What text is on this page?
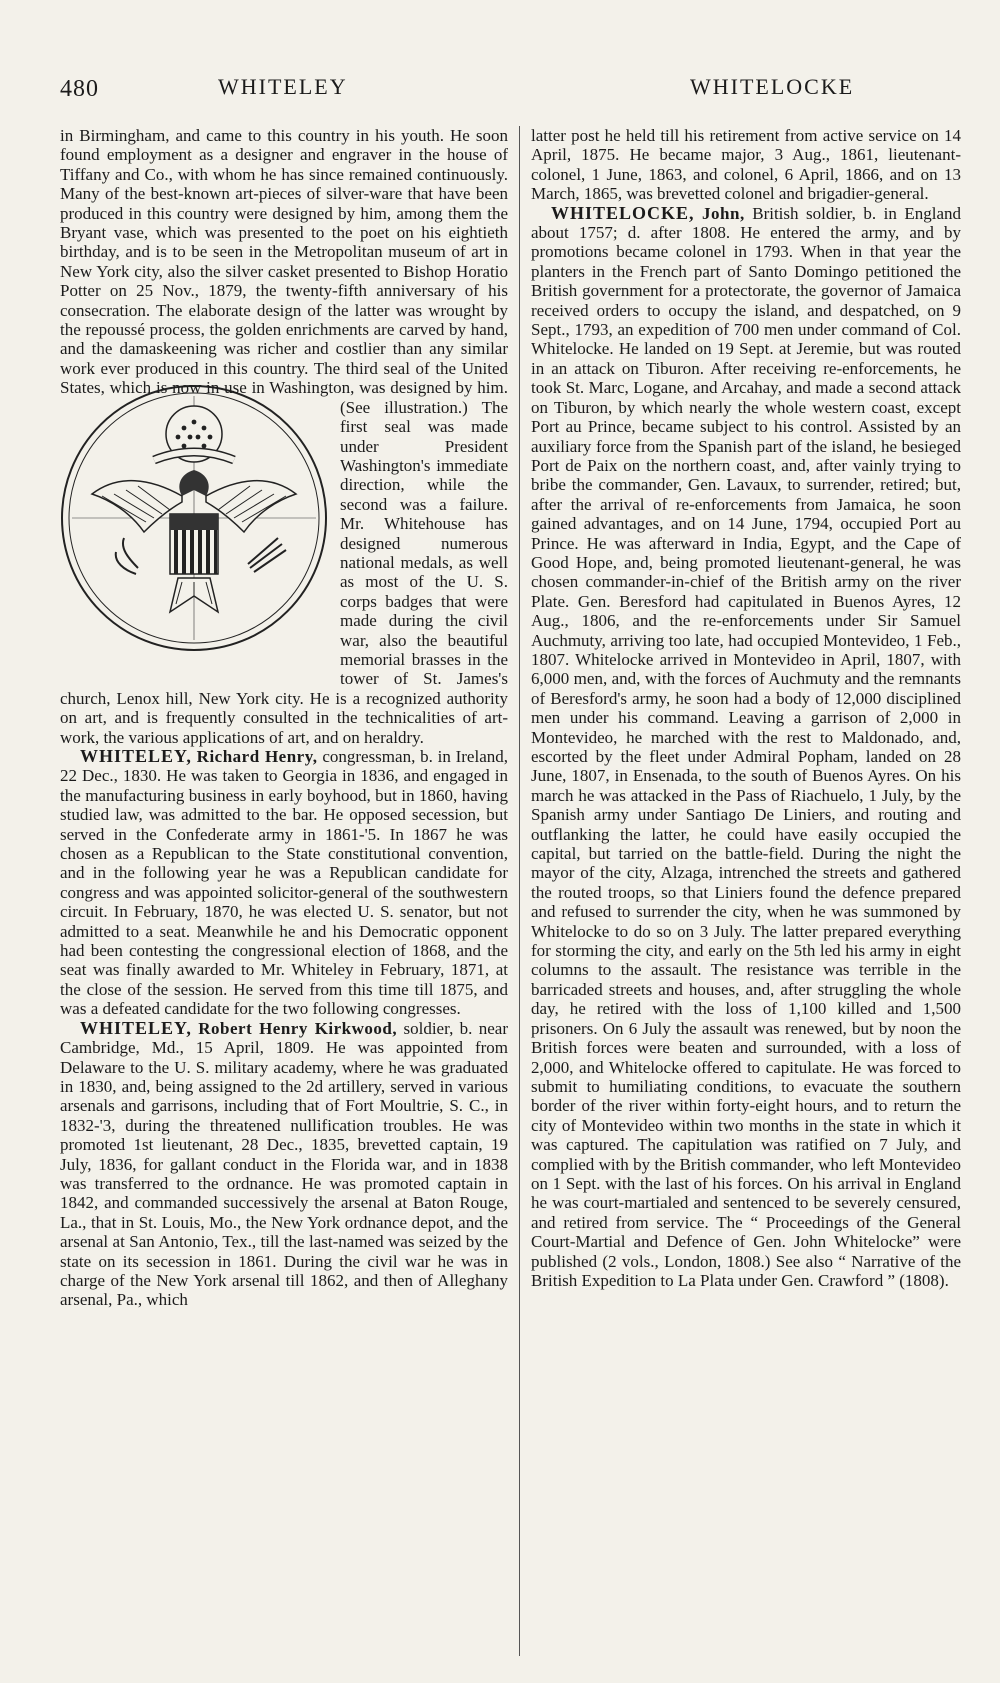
480	WHITELEY	WHITELOCKE

in Birmingham, and came to this country in his youth. He soon found employment as a designer and engraver in the house of Tiffany and Co., with whom he has since remained continuously. Many of the best-known art-pieces of silver-ware that have been produced in this country were designed by him, among them the Bryant vase, which was presented to the poet on his eightieth birthday, and is to be seen in the Metropolitan museum of art in New York city, also the silver casket presented to Bishop Horatio Potter on 25 Nov., 1879, the twenty-fifth anniversary of his consecration. The elaborate design of the latter was wrought by the repoussé process, the golden enrichments are carved by hand, and the damaskeening was richer and costlier than any similar work ever produced in this country. The third seal of the United States,
which is now in use in Washington, was designed by him. (See illustration.) The first seal was made under President Washington's immediate direction, while the second was a failure. Mr. Whitehouse has designed numerous national medals, as well as most of the U. S. corps badges that were made during the civil war, also the beautiful memorial brasses in the tower of St. James's church, Lenox hill, New York city. He is a recognized authority on art, and is frequently consulted in the technicalities of art-work, the various applications of art, and on heraldry.

WHITELEY, Richard Henry, congressman, b. in Ireland, 22 Dec., 1830. He was taken to Georgia in 1836, and engaged in the manufacturing business in early boyhood, but in 1860, having studied law, was admitted to the bar. He opposed secession, but served in the Confederate army in 1861-'5. In 1867 he was chosen as a Republican to the State constitutional convention, and in the following year he was a Republican candidate for congress and was appointed solicitor-general of the southwestern circuit. In February, 1870, he was elected U. S. senator, but not admitted to a seat. Meanwhile he and his Democratic opponent had been contesting the congressional election of 1868, and the seat was finally awarded to Mr. Whiteley in February, 1871, at the close of the session. He served from this time till 1875, and was a defeated candidate for the two following congresses.

WHITELEY, Robert Henry Kirkwood, soldier, b. near Cambridge, Md., 15 April, 1809. He was appointed from Delaware to the U. S. military academy, where he was graduated in 1830, and, being assigned to the 2d artillery, served in various arsenals and garrisons, including that of Fort Moultrie, S. C., in 1832-'3, during the threatened nullification troubles. He was promoted 1st lieutenant, 28 Dec., 1835, brevetted captain, 19 July, 1836, for gallant conduct in the Florida war, and in 1838 was transferred to the ordnance. He was promoted captain in 1842, and commanded successively the arsenal at Baton Rouge, La., that in St. Louis, Mo., the New York ordnance depot, and the arsenal at San Antonio, Tex., till the last-named was seized by the state on its secession in 1861. During the civil war he was in charge of the New York arsenal till 1862, and then of Alleghany arsenal, Pa., which

latter post he held till his retirement from active service on 14 April, 1875. He became major, 3 Aug., 1861, lieutenant-colonel, 1 June, 1863, and colonel, 6 April, 1866, and on 13 March, 1865, was brevetted colonel and brigadier-general.

WHITELOCKE, John, British soldier, b. in England about 1757; d. after 1808. He entered the army, and by promotions became colonel in 1793. When in that year the planters in the French part of Santo Domingo petitioned the British government for a protectorate, the governor of Jamaica received orders to occupy the island, and despatched, on 9 Sept., 1793, an expedition of 700 men under command of Col. Whitelocke. He landed on 19 Sept. at Jeremie, but was routed in an attack on Tiburon. After receiving re-enforcements, he took St. Marc, Logane, and Arcahay, and made a second attack on Tiburon, by which nearly the whole western coast, except Port au Prince, became subject to his control. Assisted by an auxiliary force from the Spanish part of the island, he besieged Port de Paix on the northern coast, and, after vainly trying to bribe the commander, Gen. Lavaux, to surrender, retired; but, after the arrival of re-enforcements from Jamaica, he soon gained advantages, and on 14 June, 1794, occupied Port au Prince. He was afterward in India, Egypt, and the Cape of Good Hope, and, being promoted lieutenant-general, he was chosen commander-in-chief of the British army on the river Plate. Gen. Beresford had capitulated in Buenos Ayres, 12 Aug., 1806, and the re-enforcements under Sir Samuel Auchmuty, arriving too late, had occupied Montevideo, 1 Feb., 1807. Whitelocke arrived in Montevideo in April, 1807, with 6,000 men, and, with the forces of Auchmuty and the remnants of Beresford's army, he soon had a body of 12,000 disciplined men under his command. Leaving a garrison of 2,000 in Montevideo, he marched with the rest to Maldonado, and, escorted by the fleet under Admiral Popham, landed on 28 June, 1807, in Ensenada, to the south of Buenos Ayres. On his march he was attacked in the Pass of Riachuelo, 1 July, by the Spanish army under Santiago De Liniers, and routing and outflanking the latter, he could have easily occupied the capital, but tarried on the battle-field. During the night the mayor of the city, Alzaga, intrenched the streets and gathered the routed troops, so that Liniers found the defence prepared and refused to surrender the city, when he was summoned by Whitelocke to do so on 3 July. The latter prepared everything for storming the city, and early on the 5th led his army in eight columns to the assault. The resistance was terrible in the barricaded streets and houses, and, after struggling the whole day, he retired with the loss of 1,100 killed and 1,500 prisoners. On 6 July the assault was renewed, but by noon the British forces were beaten and surrounded, with a loss of 2,000, and Whitelocke offered to capitulate. He was forced to submit to humiliating conditions, to evacuate the southern border of the river within forty-eight hours, and to return the city of Montevideo within two months in the state in which it was captured. The capitulation was ratified on 7 July, and complied with by the British commander, who left Montevideo on 1 Sept. with the last of his forces. On his arrival in England he was court-martialed and sentenced to be severely censured, and retired from service. The “ Proceedings of the General Court-Martial and Defence of Gen. John Whitelocke” were published (2 vols., London, 1808.) See also “ Narrative of the British Expedition to La Plata under Gen. Crawford ” (1808).
